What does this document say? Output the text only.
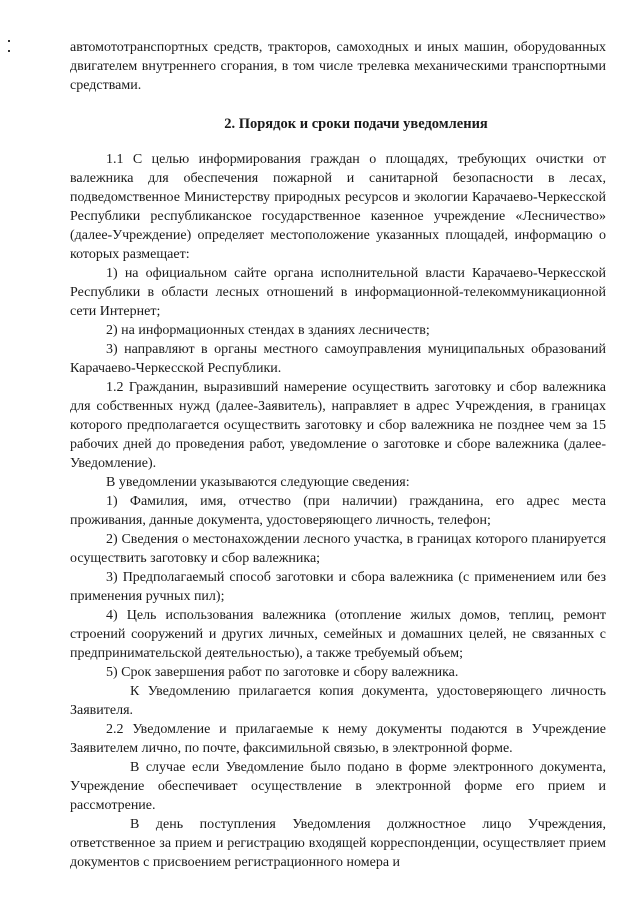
автомототранспортных средств, тракторов, самоходных и иных машин, оборудованных двигателем внутреннего сгорания, в том числе трелевка механическими транспортными средствами.

2. Порядок и сроки подачи уведомления

1.1 С целью информирования граждан о площадях, требующих очистки от валежника для обеспечения пожарной и санитарной безопасности в лесах, подведомственное Министерству природных ресурсов и экологии Карачаево-Черкесской Республики республиканское государственное казенное учреждение «Лесничество» (далее-Учреждение) определяет местоположение указанных площадей, информацию о которых размещает:

1) на официальном сайте органа исполнительной власти Карачаево-Черкесской Республики в области лесных отношений в информационной-телекоммуникационной сети Интернет;

2) на информационных стендах в зданиях лесничеств;

3) направляют в органы местного самоуправления муниципальных образований Карачаево-Черкесской Республики.

1.2 Гражданин, выразивший намерение осуществить заготовку и сбор валежника для собственных нужд (далее-Заявитель), направляет в адрес Учреждения, в границах которого предполагается осуществить заготовку и сбор валежника не позднее чем за 15 рабочих дней до проведения работ, уведомление о заготовке и сборе валежника (далее- Уведомление).

В уведомлении указываются следующие сведения:

1) Фамилия, имя, отчество (при наличии) гражданина, его адрес места проживания, данные документа, удостоверяющего личность, телефон;

2) Сведения о местонахождении лесного участка, в границах которого планируется осуществить заготовку и сбор валежника;

3) Предполагаемый способ заготовки и сбора валежника (с применением или без применения ручных пил);

4) Цель использования валежника (отопление жилых домов, теплиц, ремонт строений сооружений и других личных, семейных и домашних целей, не связанных с предпринимательской деятельностью), а также требуемый объем;

5) Срок завершения работ по заготовке и сбору валежника.

К Уведомлению прилагается копия документа, удостоверяющего личность Заявителя.

2.2 Уведомление и прилагаемые к нему документы подаются в Учреждение Заявителем лично, по почте, факсимильной связью, в электронной форме.

В случае если Уведомление было подано в форме электронного документа, Учреждение обеспечивает осуществление в электронной форме его прием и рассмотрение.

В день поступления Уведомления должностное лицо Учреждения, ответственное за прием и регистрацию входящей корреспонденции, осуществляет прием документов с присвоением регистрационного номера и
